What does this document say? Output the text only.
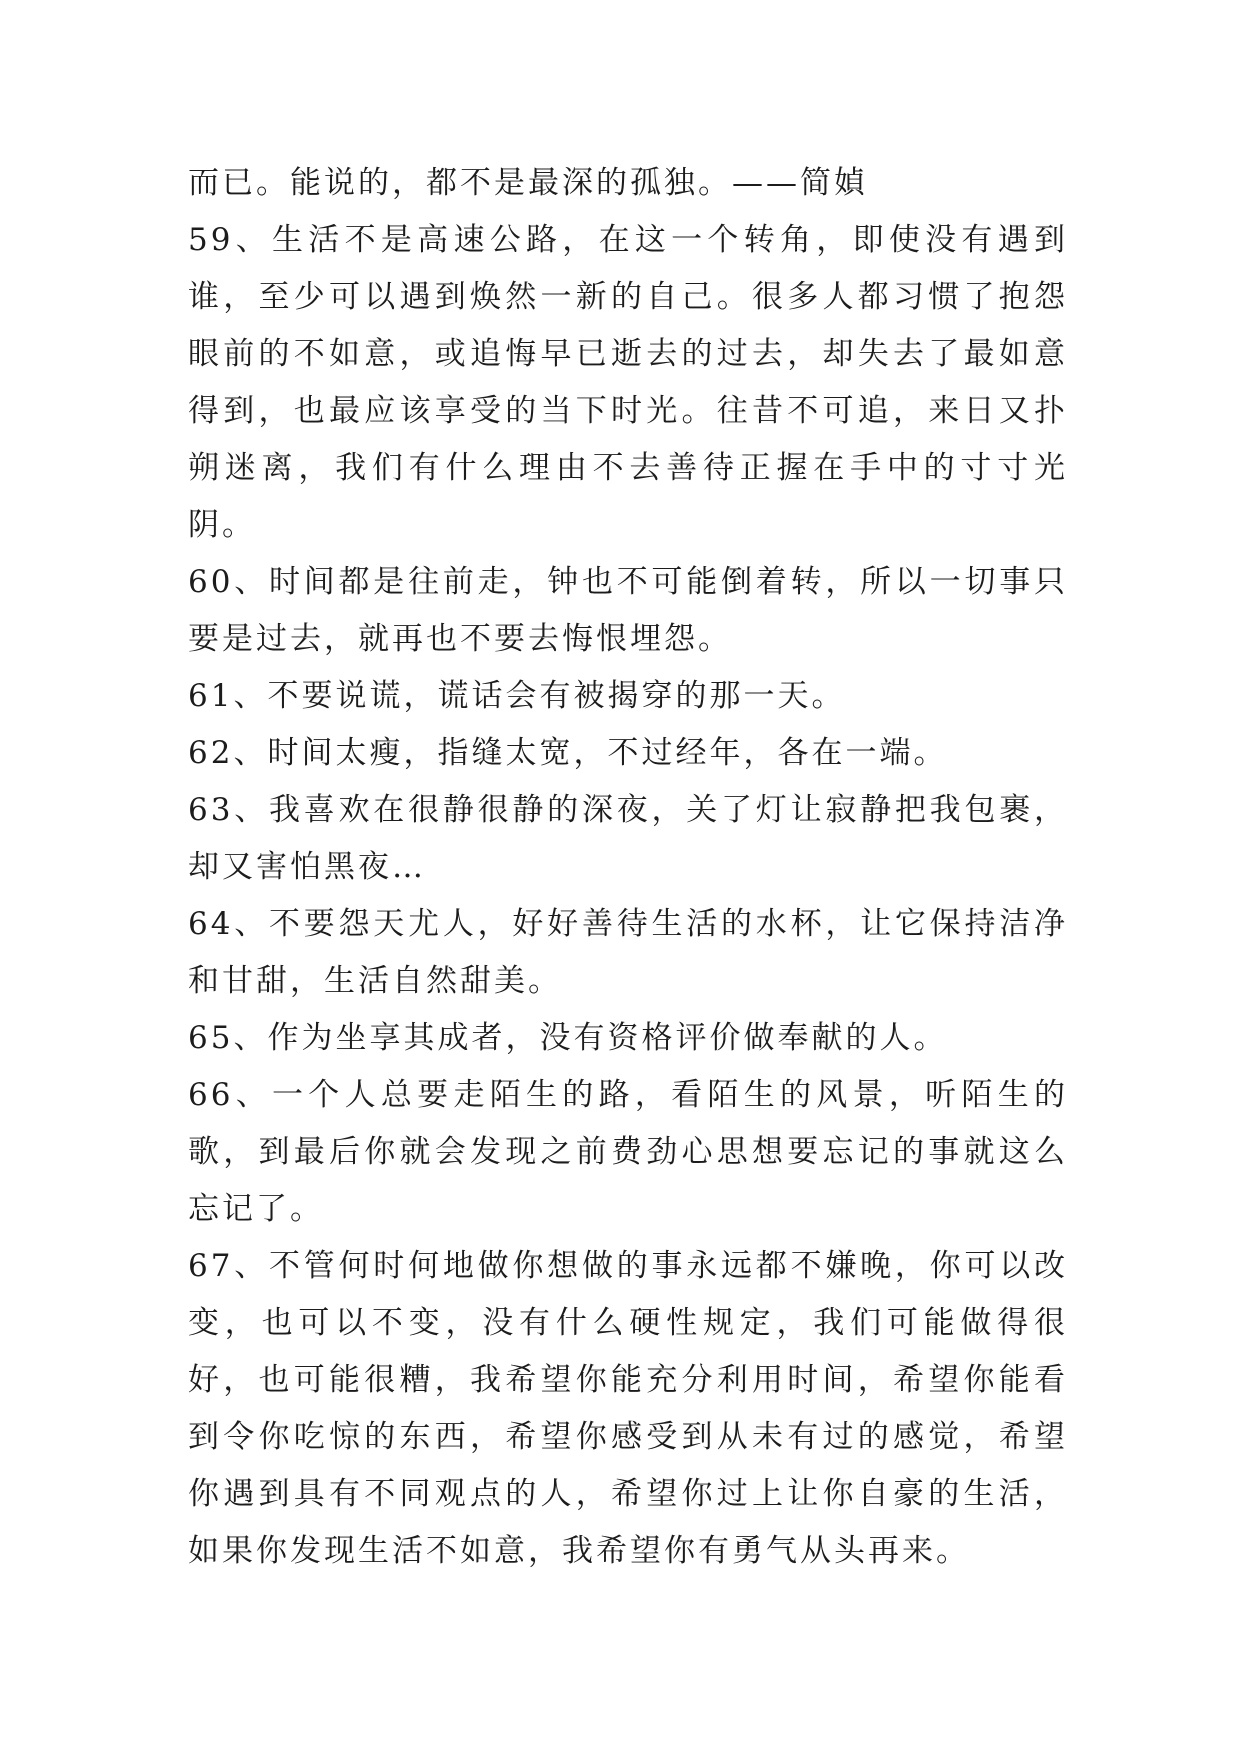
而已。能说的，都不是最深的孤独。——简媜

59、生活不是高速公路，在这一个转角，即使没有遇到谁，至少可以遇到焕然一新的自己。很多人都习惯了抱怨眼前的不如意，或追悔早已逝去的过去，却失去了最如意得到，也最应该享受的当下时光。往昔不可追，来日又扑朔迷离，我们有什么理由不去善待正握在手中的寸寸光阴。

60、时间都是往前走，钟也不可能倒着转，所以一切事只要是过去，就再也不要去悔恨埋怨。

61、不要说谎，谎话会有被揭穿的那一天。

62、时间太瘦，指缝太宽，不过经年，各在一端。

63、我喜欢在很静很静的深夜，关了灯让寂静把我包裹，却又害怕黑夜…

64、不要怨天尤人，好好善待生活的水杯，让它保持洁净和甘甜，生活自然甜美。

65、作为坐享其成者，没有资格评价做奉献的人。

66、一个人总要走陌生的路，看陌生的风景，听陌生的歌，到最后你就会发现之前费劲心思想要忘记的事就这么忘记了。

67、不管何时何地做你想做的事永远都不嫌晚，你可以改变，也可以不变，没有什么硬性规定，我们可能做得很好，也可能很糟，我希望你能充分利用时间，希望你能看到令你吃惊的东西，希望你感受到从未有过的感觉，希望你遇到具有不同观点的人，希望你过上让你自豪的生活，如果你发现生活不如意，我希望你有勇气从头再来。
